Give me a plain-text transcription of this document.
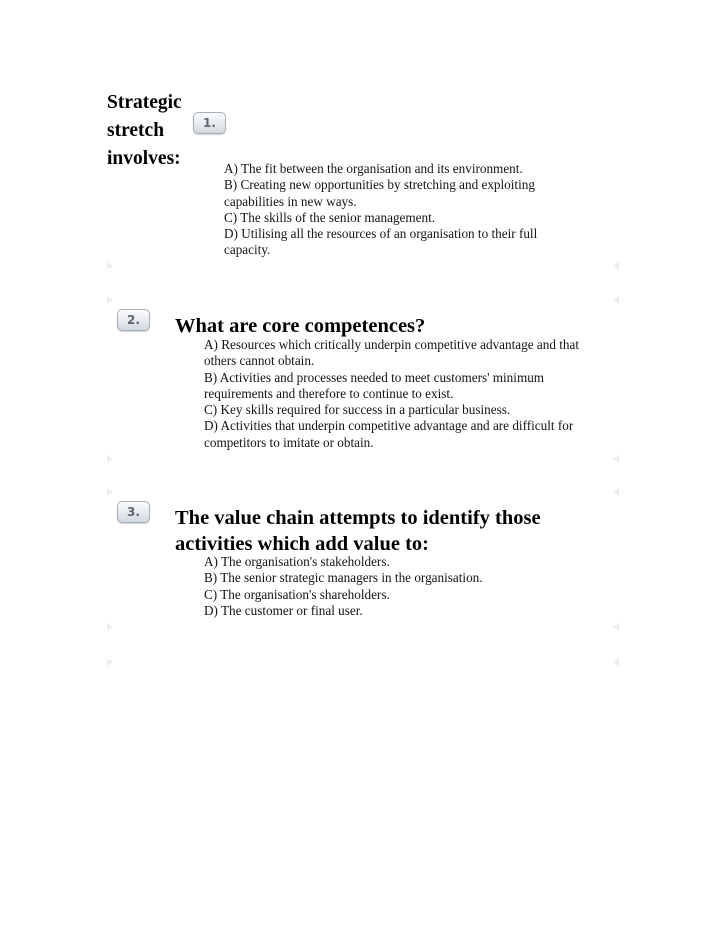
Strategic
stretch
involves:
1.
A) The fit between the organisation and its environment.
B) Creating new opportunities by stretching and exploiting capabilities in new ways.
C) The skills of the senior management.
D) Utilising all the resources of an organisation to their full capacity.
2.	What are core competences?
A) Resources which critically underpin competitive advantage and that others cannot obtain.
B) Activities and processes needed to meet customers' minimum requirements and therefore to continue to exist.
C) Key skills required for success in a particular business.
D) Activities that underpin competitive advantage and are difficult for competitors to imitate or obtain.
3.	The value chain attempts to identify those
activities which add value to:
A) The organisation's stakeholders.
B) The senior strategic managers in the organisation.
C) The organisation's shareholders.
D) The customer or final user.
